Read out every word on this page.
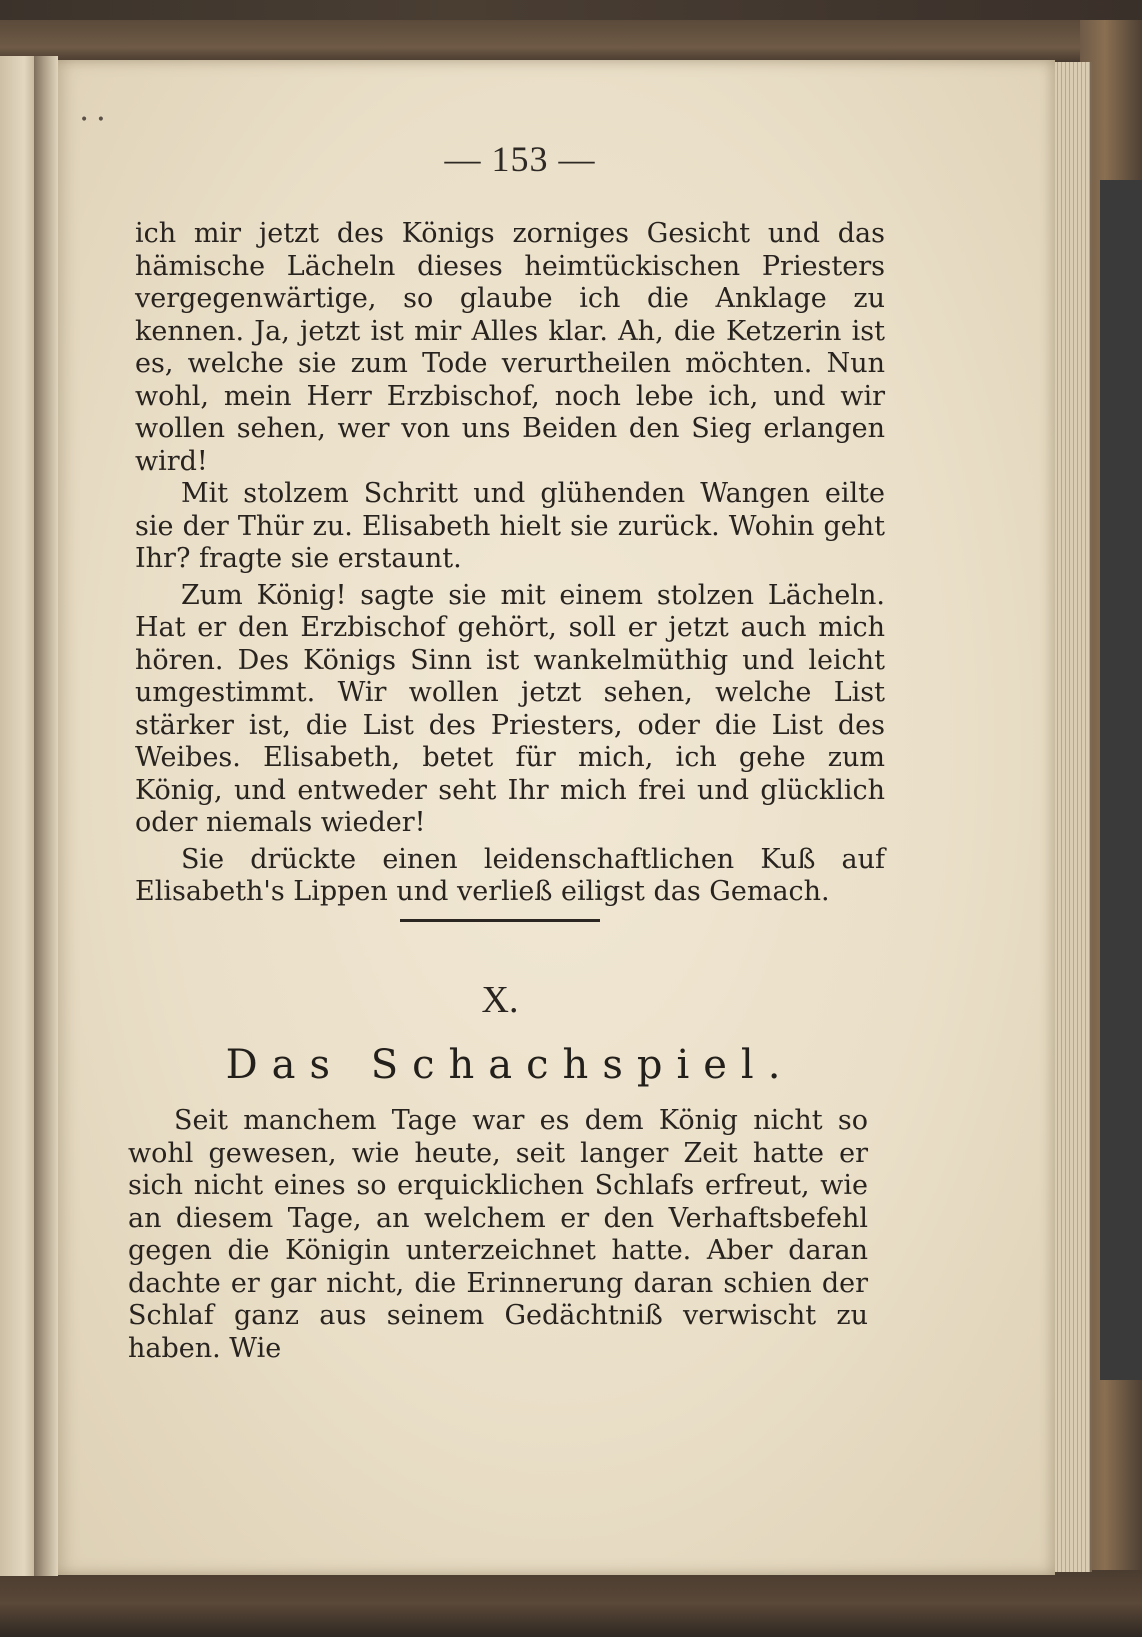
• •
— 153 —

ich mir jetzt des Königs zorniges Gesicht und das hämische Lächeln dieses heimtückischen Priesters vergegenwärtige, so glaube ich die Anklage zu kennen. Ja, jetzt ist mir Alles klar. Ah, die Ketzerin ist es, welche sie zum Tode verurtheilen möchten. Nun wohl, mein Herr Erzbischof, noch lebe ich, und wir wollen sehen, wer von uns Beiden den Sieg erlangen wird!

Mit stolzem Schritt und glühenden Wangen eilte sie der Thür zu. Elisabeth hielt sie zurück. Wohin geht Ihr? fragte sie erstaunt.

Zum König! sagte sie mit einem stolzen Lächeln. Hat er den Erzbischof gehört, soll er jetzt auch mich hören. Des Königs Sinn ist wankelmüthig und leicht umgestimmt. Wir wollen jetzt sehen, welche List stärker ist, die List des Priesters, oder die List des Weibes. Elisabeth, betet für mich, ich gehe zum König, und entweder seht Ihr mich frei und glücklich oder niemals wieder!

Sie drückte einen leidenschaftlichen Kuß auf Elisabeth's Lippen und verließ eiligst das Gemach.

X.
Das Schachspiel.

Seit manchem Tage war es dem König nicht so wohl gewesen, wie heute, seit langer Zeit hatte er sich nicht eines so erquicklichen Schlafs erfreut, wie an diesem Tage, an welchem er den Verhaftsbefehl gegen die Königin unterzeichnet hatte. Aber daran dachte er gar nicht, die Erinnerung daran schien der Schlaf ganz aus seinem Gedächtniß verwischt zu haben. Wie
